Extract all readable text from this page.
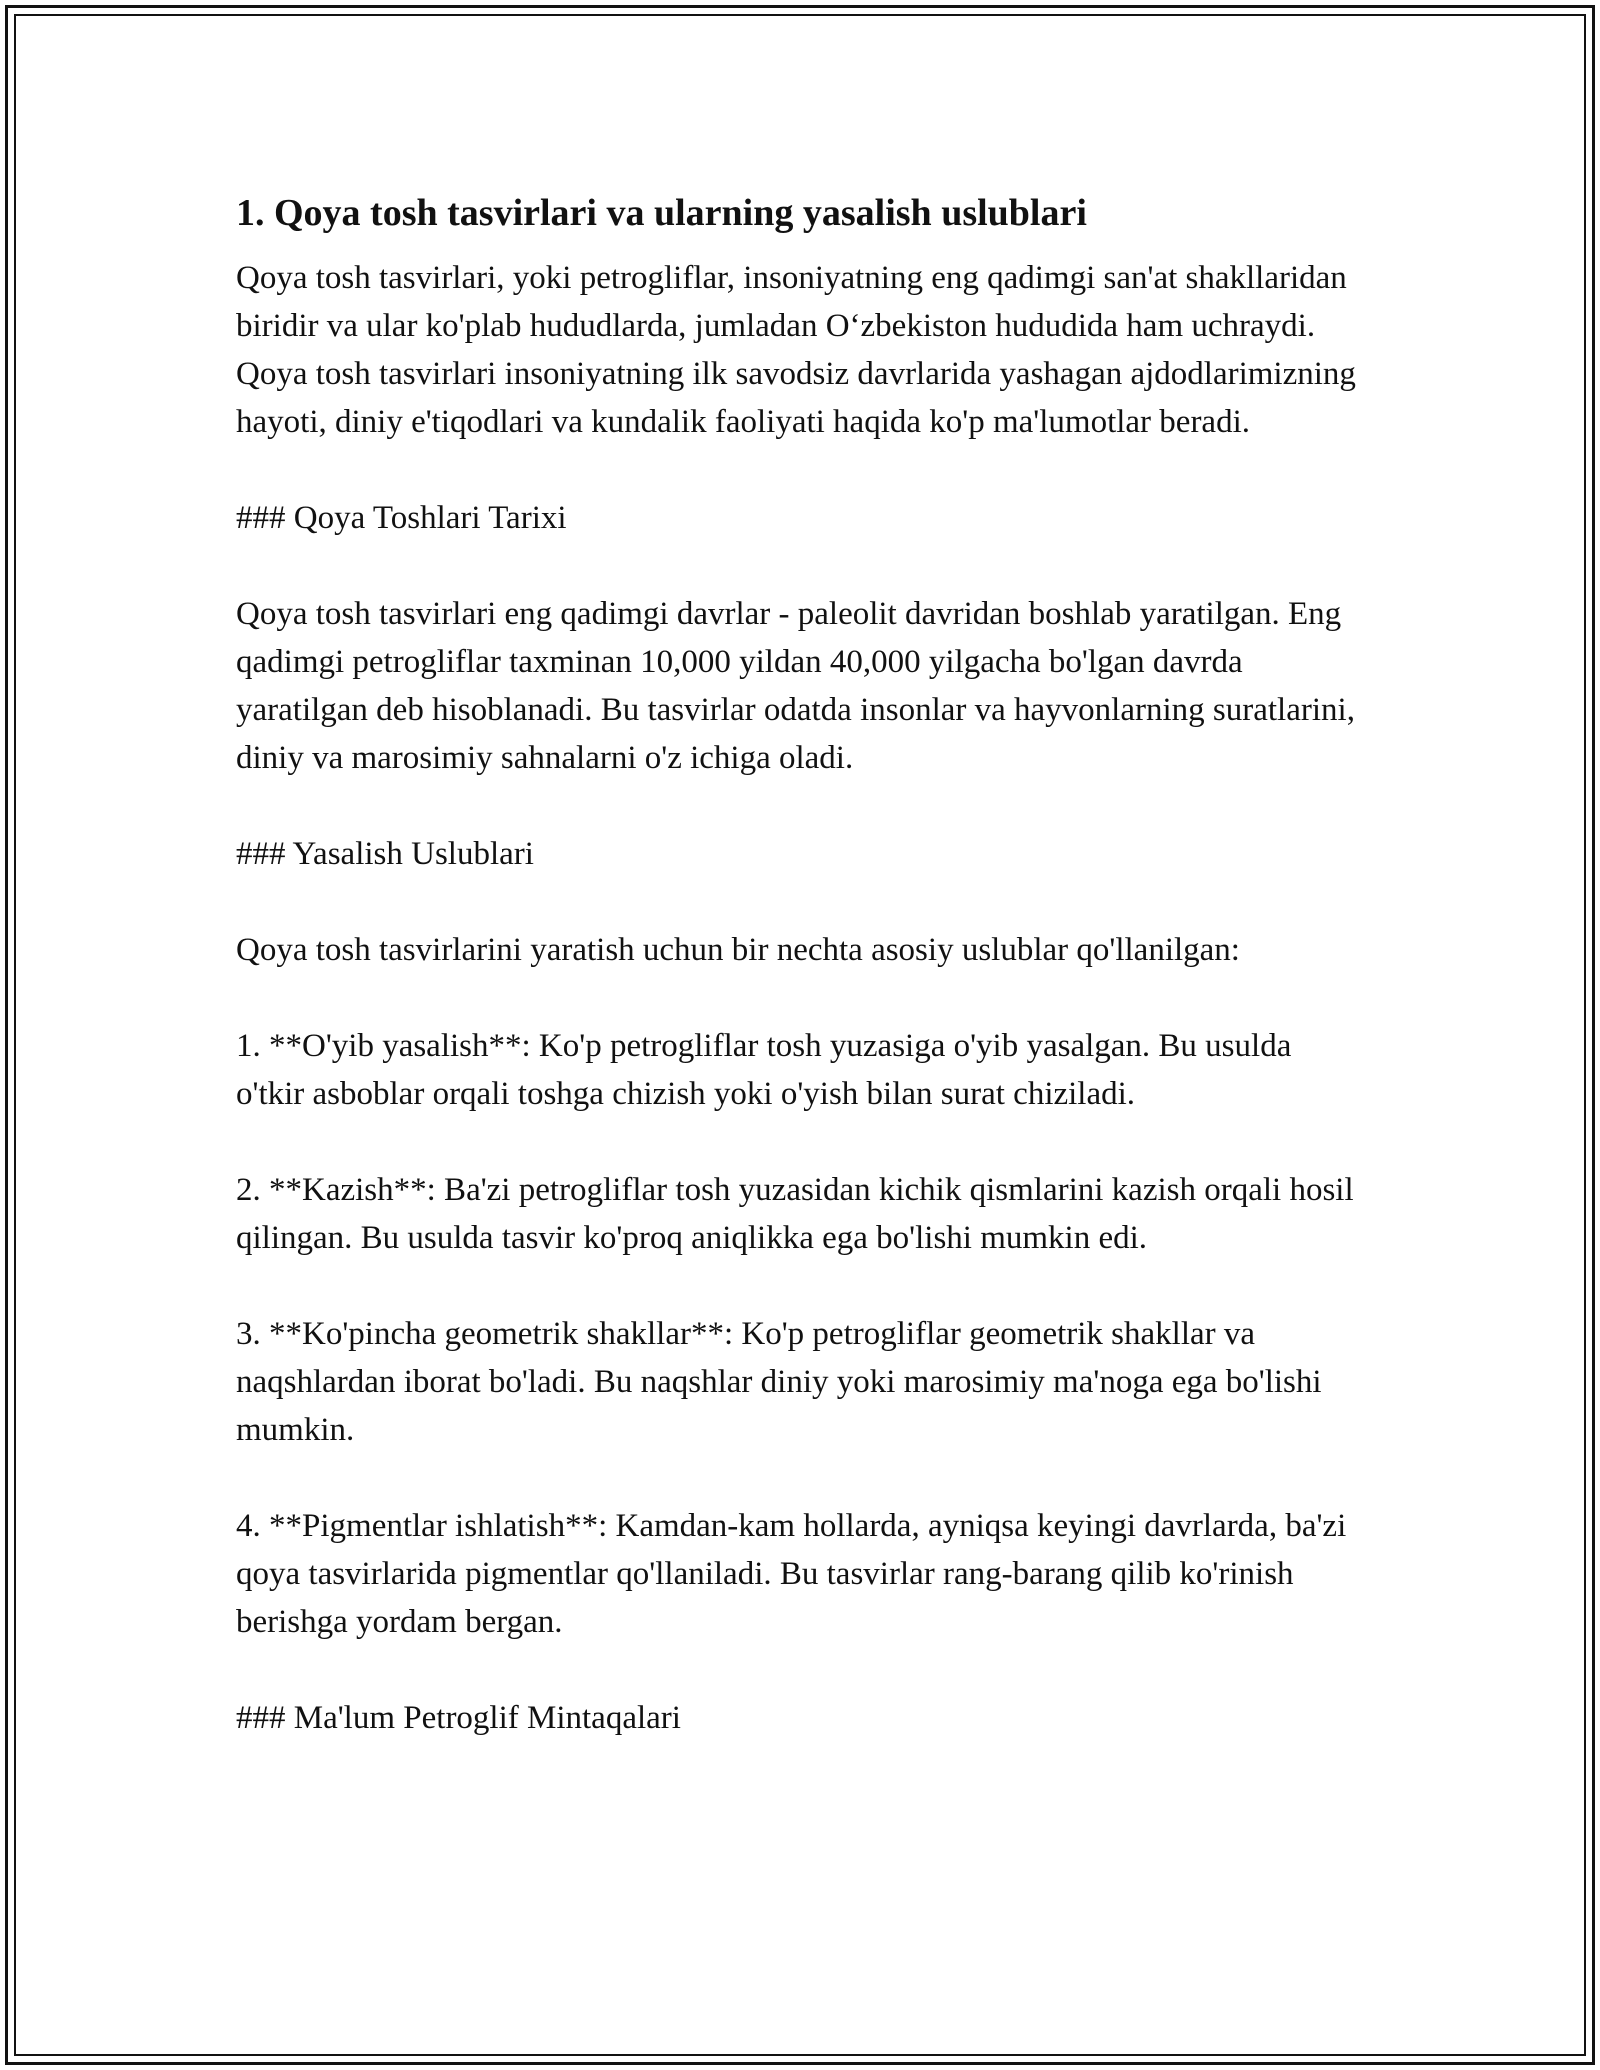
1. Qoya tosh tasvirlari va ularning yasalish uslublari

Qoya tosh tasvirlari, yoki petrogliflar, insoniyatning eng qadimgi san'at shakllaridan biridir va ular ko'plab hududlarda, jumladan O‘zbekiston hududida ham uchraydi. Qoya tosh tasvirlari insoniyatning ilk savodsiz davrlarida yashagan ajdodlarimizning hayoti, diniy e'tiqodlari va kundalik faoliyati haqida ko'p ma'lumotlar beradi.

### Qoya Toshlari Tarixi

Qoya tosh tasvirlari eng qadimgi davrlar - paleolit davridan boshlab yaratilgan. Eng qadimgi petrogliflar taxminan 10,000 yildan 40,000 yilgacha bo'lgan davrda yaratilgan deb hisoblanadi. Bu tasvirlar odatda insonlar va hayvonlarning suratlarini, diniy va marosimiy sahnalarni o'z ichiga oladi.

### Yasalish Uslublari

Qoya tosh tasvirlarini yaratish uchun bir nechta asosiy uslublar qo'llanilgan:

1. **O'yib yasalish**: Ko'p petrogliflar tosh yuzasiga o'yib yasalgan. Bu usulda o'tkir asboblar orqali toshga chizish yoki o'yish bilan surat chiziladi.

2. **Kazish**: Ba'zi petrogliflar tosh yuzasidan kichik qismlarini kazish orqali hosil qilingan. Bu usulda tasvir ko'proq aniqlikka ega bo'lishi mumkin edi.

3. **Ko'pincha geometrik shakllar**: Ko'p petrogliflar geometrik shakllar va naqshlardan iborat bo'ladi. Bu naqshlar diniy yoki marosimiy ma'noga ega bo'lishi mumkin.

4. **Pigmentlar ishlatish**: Kamdan-kam hollarda, ayniqsa keyingi davrlarda, ba'zi qoya tasvirlarida pigmentlar qo'llaniladi. Bu tasvirlar rang-barang qilib ko'rinish berishga yordam bergan.

### Ma'lum Petroglif Mintaqalari
